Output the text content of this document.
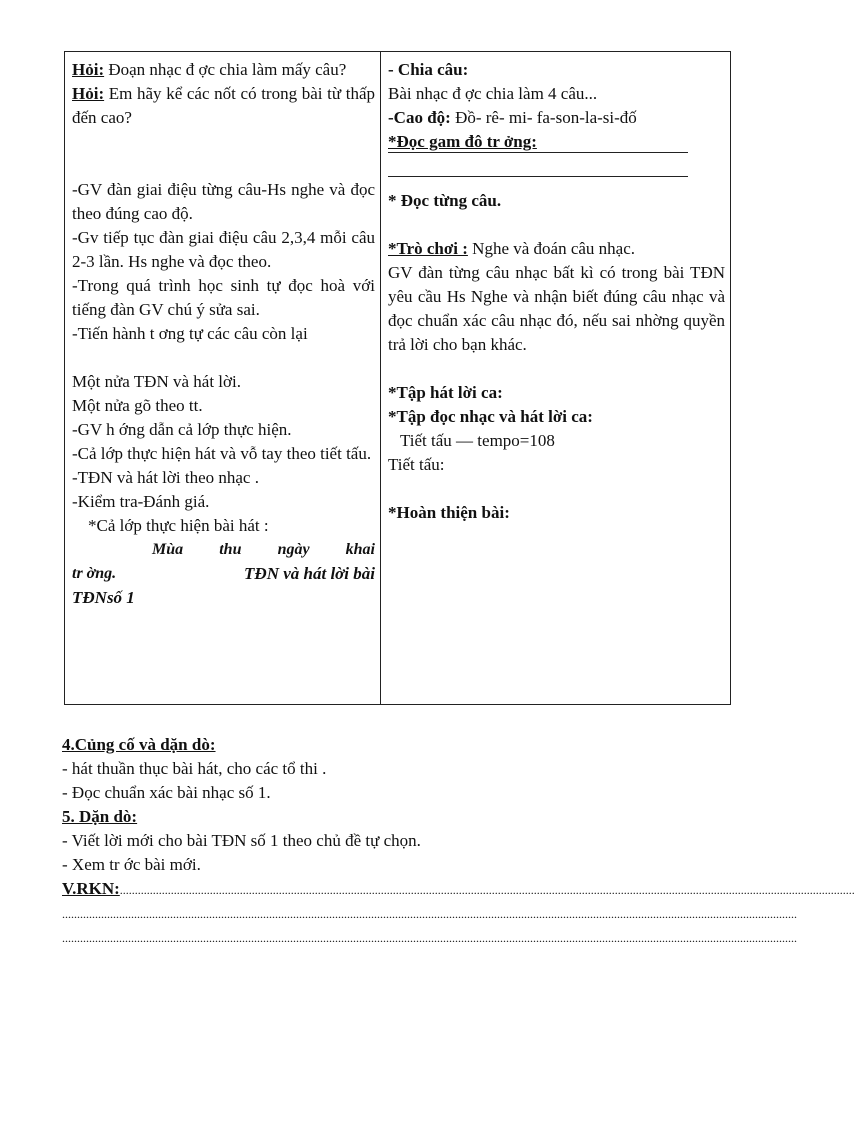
Hỏi: Đoạn nhạc đ ợc chia làm mấy câu?
Hỏi: Em hãy kể các nốt có trong bài từ thấp đến cao?
-GV đàn giai điệu từng câu-Hs nghe và đọc theo đúng cao độ.
-Gv tiếp tục đàn giai điệu câu 2,3,4 mỗi câu 2-3 lần. Hs nghe và đọc theo.
-Trong quá trình học sinh tự đọc hoà với tiếng đàn GV chú ý sửa sai.
-Tiến hành t ơng tự các câu còn lại
Một nửa TĐN và hát lời.
Một nửa gõ theo tt.
-GV h ớng dẫn cả lớp thực hiện.
-Cả lớp thực hiện hát và vỗ tay theo tiết tấu.
-TĐN và hát lời theo nhạc .
-Kiểm tra-Đánh giá.
*Cả lớp thực hiện bài hát :
Mùa thu ngày khai
tr ờng.	TĐN và hát lời bài
TĐNsố 1

- Chia câu:
Bài nhạc đ ợc chia làm 4 câu...
-Cao độ: Đồ- rê- mi- fa-son-la-si-đố
*Đọc gam đô tr ởng:
* Đọc từng câu.
*Trò chơi : Nghe và đoán câu nhạc.
GV đàn từng câu nhạc bất kì có trong bài TĐN yêu cầu Hs Nghe và nhận biết đúng câu nhạc và đọc chuẩn xác câu nhạc đó, nếu sai nhờng quyền trả lời cho bạn khác.
*Tập hát lời ca:
*Tập đọc nhạc và hát lời ca:
Tiết tấu — tempo=108
Tiết tấu:
*Hoàn thiện bài:
4.Củng cố và dặn dò:
- hát thuần thục bài hát, cho các tổ thi .
- Đọc chuẩn xác bài nhạc số 1.
5. Dặn dò:
- Viết lời mới cho bài TĐN số 1 theo chủ đề tự chọn.
- Xem tr ớc bài mới.
V.RKN:.....................................................................................................................................................................................................................................................
.....................................................................................................................................................................................................................................................
.....................................................................................................................................................................................................................................................
